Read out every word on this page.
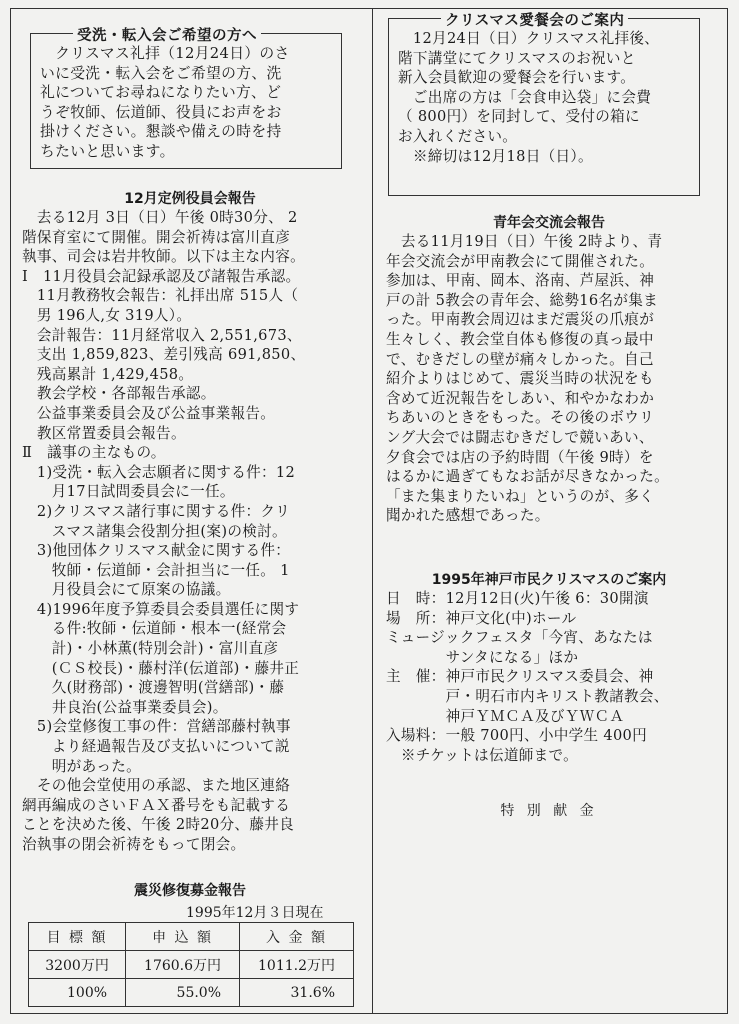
受洗・転入会ご希望の方へ
　クリスマス礼拝（12月24日）のさ
いに受洗・転入会をご希望の方、洗
礼についてお尋ねになりたい方、ど
うぞ牧師、伝道師、役員にお声をお
掛けください。懇談や備えの時を持
ちたいと思います。
12月定例役員会報告
　去る12月 3日（日）午後 0時30分、 2
階保育室にて開催。開会祈祷は富川直彦
執事、司会は岩井牧師。以下は主な内容。
Ⅰ　11月役員会記録承認及び諸報告承認。
　11月教務牧会報告：礼拝出席 515人（
　男 196人,女 319人）。
　会計報告：11月経常収入 2,551,673、
　支出 1,859,823、差引残高 691,850、
　残高累計 1,429,458。
　教会学校・各部報告承認。
　公益事業委員会及び公益事業報告。
　教区常置委員会報告。
Ⅱ　議事の主なもの。
　1)受洗・転入会志願者に関する件：12
　　月17日試問委員会に一任。
　2)クリスマス諸行事に関する件：クリ
　　スマス諸集会役割分担(案)の検討。
　3)他団体クリスマス献金に関する件：
　　牧師・伝道師・会計担当に一任。 1
　　月役員会にて原案の協議。
　4)1996年度予算委員会委員選任に関す
　　る件:牧師・伝道師・根本一(経常会
　　計)・小林薫(特別会計)・富川直彦
　　(ＣＳ校長)・藤村洋(伝道部)・藤井正
　　久(財務部)・渡邊智明(営繕部)・藤
　　井良治(公益事業委員会)。
　5)会堂修復工事の件：営繕部藤村執事
　　より経過報告及び支払いについて説
　　明があった。
　その他会堂使用の承認、また地区連絡
網再編成のさいＦＡＸ番号をも記載する
ことを決めた後、午後 2時20分、藤井良
治執事の閉会祈祷をもって閉会。
震災修復募金報告
1995年12月３日現在
目 標 額	申 込 額	入 金 額
3200万円	1760.6万円	1011.2万円
100%	55.0%	31.6%
クリスマス愛餐会のご案内
　12月24日（日）クリスマス礼拝後、
階下講堂にてクリスマスのお祝いと
新入会員歓迎の愛餐会を行います。
　ご出席の方は「会食申込袋」に会費
（ 800円）を同封して、受付の箱に
お入れください。
　※締切は12月18日（日）。
青年会交流会報告
　去る11月19日（日）午後 2時より、青
年会交流会が甲南教会にて開催された。
参加は、甲南、岡本、洛南、芦屋浜、神
戸の計 5教会の青年会、総勢16名が集ま
った。甲南教会周辺はまだ震災の爪痕が
生々しく、教会堂自体も修復の真っ最中
で、むきだしの壁が痛々しかった。自己
紹介よりはじめて、震災当時の状況をも
含めて近況報告をしあい、和やかなわか
ちあいのときをもった。その後のボウリ
ング大会では闘志むきだしで競いあい、
夕食会では店の予約時間（午後 9時）を
はるかに過ぎてもなお話が尽きなかった。
「また集まりたいね」というのが、多く
聞かれた感想であった。
1995年神戸市民クリスマスのご案内
日　時：12月12日(火)午後 6：30開演
場　所：神戸文化(中)ホール
ミュージックフェスタ「今宵、あなたは
　　　　サンタになる」ほか
主　催：神戸市民クリスマス委員会、神
　　　　戸・明石市内キリスト教諸教会、
　　　　神戸ＹＭＣＡ及びＹＷＣＡ
入場料：一般 700円、小中学生 400円
　※チケットは伝道師まで。
特 別 献 金
